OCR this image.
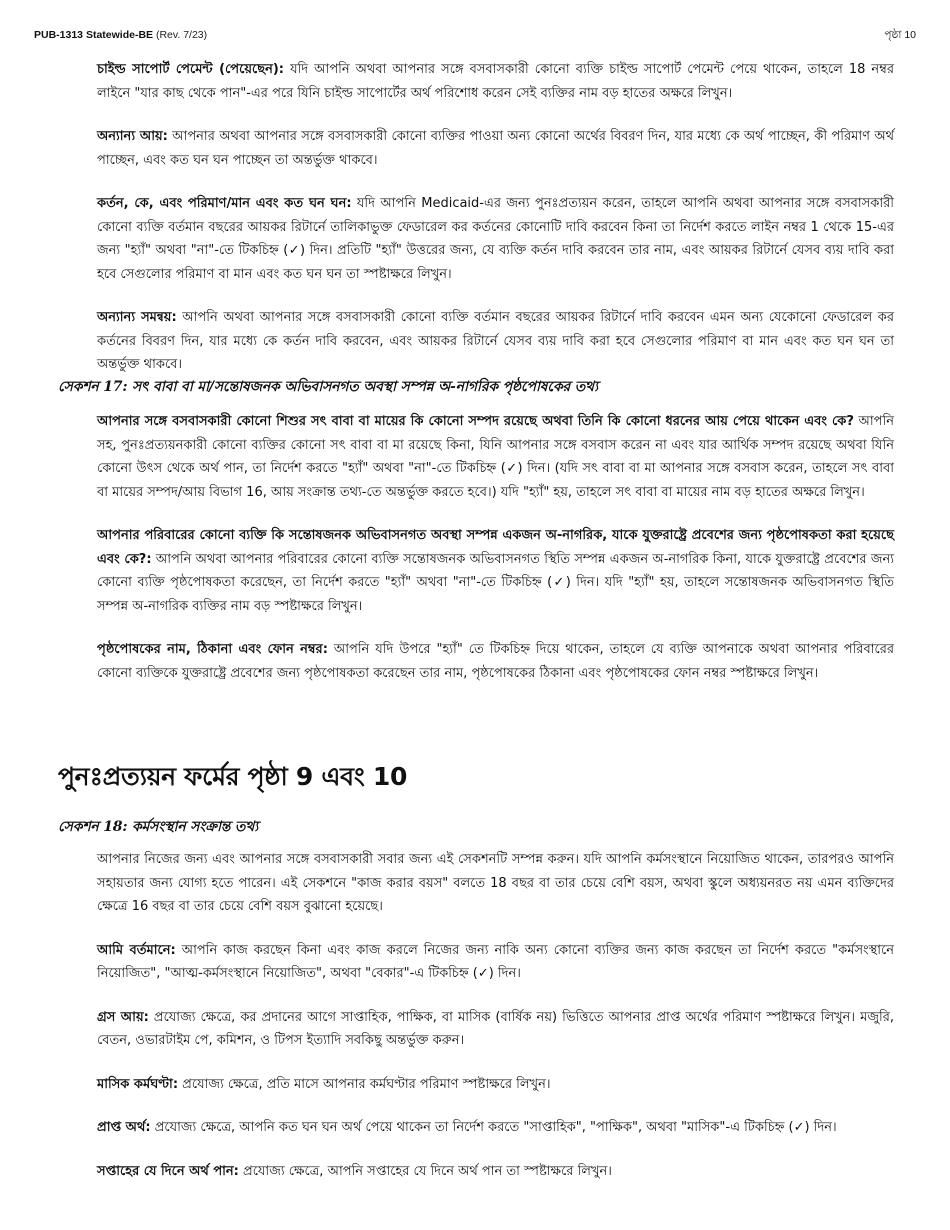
PUB-1313 Statewide-BE (Rev. 7/23)	পৃষ্ঠা 10

চাইল্ড সাপোর্ট পেমেন্ট (পেয়েছেন): যদি আপনি অথবা আপনার সঙ্গে বসবাসকারী কোনো ব্যক্তি চাইল্ড সাপোর্ট পেমেন্ট পেয়ে থাকেন, তাহলে 18 নম্বর লাইনে "যার কাছ থেকে পান"-এর পরে যিনি চাইল্ড সাপোর্টের অর্থ পরিশোধ করেন সেই ব্যক্তির নাম বড় হাতের অক্ষরে লিখুন।

অন্যান্য আয়: আপনার অথবা আপনার সঙ্গে বসবাসকারী কোনো ব্যক্তির পাওয়া অন্য কোনো অর্থের বিবরণ দিন, যার মধ্যে কে অর্থ পাচ্ছেন, কী পরিমাণ অর্থ পাচ্ছেন, এবং কত ঘন ঘন পাচ্ছেন তা অন্তর্ভুক্ত থাকবে।

কর্তন, কে, এবং পরিমাণ/মান এবং কত ঘন ঘন: যদি আপনি Medicaid-এর জন্য পুনঃপ্রত্যয়ন করেন, তাহলে আপনি অথবা আপনার সঙ্গে বসবাসকারী কোনো ব্যক্তি বর্তমান বছরের আয়কর রিটার্নে তালিকাভুক্ত ফেডারেল কর কর্তনের কোনোটি দাবি করবেন কিনা তা নির্দেশ করতে লাইন নম্বর 1 থেকে 15-এর জন্য "হ্যাঁ" অথবা "না"-তে টিকচিহ্ন (✓) দিন। প্রতিটি "হ্যাঁ" উত্তরের জন্য, যে ব্যক্তি কর্তন দাবি করবেন তার নাম, এবং আয়কর রিটার্নে যেসব ব্যয় দাবি করা হবে সেগুলোর পরিমাণ বা মান এবং কত ঘন ঘন তা স্পষ্টাক্ষরে লিখুন।

অন্যান্য সমন্বয়: আপনি অথবা আপনার সঙ্গে বসবাসকারী কোনো ব্যক্তি বর্তমান বছরের আয়কর রিটার্নে দাবি করবেন এমন অন্য যেকোনো ফেডারেল কর কর্তনের বিবরণ দিন, যার মধ্যে কে কর্তন দাবি করবেন, এবং আয়কর রিটার্নে যেসব ব্যয় দাবি করা হবে সেগুলোর পরিমাণ বা মান এবং কত ঘন ঘন তা অন্তর্ভুক্ত থাকবে।

সেকশন 17: সৎ বাবা বা মা/সন্তোষজনক অভিবাসনগত অবস্থা সম্পন্ন অ-নাগরিক পৃষ্ঠপোষকের তথ্য

আপনার সঙ্গে বসবাসকারী কোনো শিশুর সৎ বাবা বা মায়ের কি কোনো সম্পদ রয়েছে অথবা তিনি কি কোনো ধরনের আয় পেয়ে থাকেন এবং কে? আপনি সহ, পুনঃপ্রত্যয়নকারী কোনো ব্যক্তির কোনো সৎ বাবা বা মা রয়েছে কিনা, যিনি আপনার সঙ্গে বসবাস করেন না এবং যার আর্থিক সম্পদ রয়েছে অথবা যিনি কোনো উৎস থেকে অর্থ পান, তা নির্দেশ করতে "হ্যাঁ" অথবা "না"-তে টিকচিহ্ন (✓) দিন। (যদি সৎ বাবা বা মা আপনার সঙ্গে বসবাস করেন, তাহলে সৎ বাবা বা মায়ের সম্পদ/আয় বিভাগ 16, আয় সংক্রান্ত তথ্য-তে অন্তর্ভুক্ত করতে হবে।) যদি "হ্যাঁ" হয়, তাহলে সৎ বাবা বা মায়ের নাম বড় হাতের অক্ষরে লিখুন।

আপনার পরিবারের কোনো ব্যক্তি কি সন্তোষজনক অভিবাসনগত অবস্থা সম্পন্ন একজন অ-নাগরিক, যাকে যুক্তরাষ্ট্রে প্রবেশের জন্য পৃষ্ঠপোষকতা করা হয়েছে এবং কে?: আপনি অথবা আপনার পরিবারের কোনো ব্যক্তি সন্তোষজনক অভিবাসনগত স্থিতি সম্পন্ন একজন অ-নাগরিক কিনা, যাকে যুক্তরাষ্ট্রে প্রবেশের জন্য কোনো ব্যক্তি পৃষ্ঠপোষকতা করেছেন, তা নির্দেশ করতে "হ্যাঁ" অথবা "না"-তে টিকচিহ্ন (✓) দিন। যদি "হ্যাঁ" হয়, তাহলে সন্তোষজনক অভিবাসনগত স্থিতি সম্পন্ন অ-নাগরিক ব্যক্তির নাম বড় স্পষ্টাক্ষরে লিখুন।

পৃষ্ঠপোষকের নাম, ঠিকানা এবং ফোন নম্বর: আপনি যদি উপরে "হ্যাঁ" তে টিকচিহ্ন দিয়ে থাকেন, তাহলে যে ব্যক্তি আপনাকে অথবা আপনার পরিবারের কোনো ব্যক্তিকে যুক্তরাষ্ট্রে প্রবেশের জন্য পৃষ্ঠপোষকতা করেছেন তার নাম, পৃষ্ঠপোষকের ঠিকানা এবং পৃষ্ঠপোষকের ফোন নম্বর স্পষ্টাক্ষরে লিখুন।

পুনঃপ্রত্যয়ন ফর্মের পৃষ্ঠা 9 এবং 10
সেকশন 18: কর্মসংস্থান সংক্রান্ত তথ্য

আপনার নিজের জন্য এবং আপনার সঙ্গে বসবাসকারী সবার জন্য এই সেকশনটি সম্পন্ন করুন। যদি আপনি কর্মসংস্থানে নিয়োজিত থাকেন, তারপরও আপনি সহায়তার জন্য যোগ্য হতে পারেন। এই সেকশনে "কাজ করার বয়স" বলতে 18 বছর বা তার চেয়ে বেশি বয়স, অথবা স্কুলে অধ্যয়নরত নয় এমন ব্যক্তিদের ক্ষেত্রে 16 বছর বা তার চেয়ে বেশি বয়স বুঝানো হয়েছে।

আমি বর্তমানে: আপনি কাজ করছেন কিনা এবং কাজ করলে নিজের জন্য নাকি অন্য কোনো ব্যক্তির জন্য কাজ করছেন তা নির্দেশ করতে "কর্মসংস্থানে নিয়োজিত", "আত্ম-কর্মসংস্থানে নিয়োজিত", অথবা "বেকার"-এ টিকচিহ্ন (✓) দিন।

গ্রস আয়: প্রযোজ্য ক্ষেত্রে, কর প্রদানের আগে সাপ্তাহিক, পাক্ষিক, বা মাসিক (বার্ষিক নয়) ভিত্তিতে আপনার প্রাপ্ত অর্থের পরিমাণ স্পষ্টাক্ষরে লিখুন। মজুরি, বেতন, ওভারটাইম পে, কমিশন, ও টিপস ইত্যাদি সবকিছু অন্তর্ভুক্ত করুন।

মাসিক কর্মঘণ্টা: প্রযোজ্য ক্ষেত্রে, প্রতি মাসে আপনার কর্মঘণ্টার পরিমাণ স্পষ্টাক্ষরে লিখুন।

প্রাপ্ত অর্থ: প্রযোজ্য ক্ষেত্রে, আপনি কত ঘন ঘন অর্থ পেয়ে থাকেন তা নির্দেশ করতে "সাপ্তাহিক", "পাক্ষিক", অথবা "মাসিক"-এ টিকচিহ্ন (✓) দিন।

সপ্তাহের যে দিনে অর্থ পান: প্রযোজ্য ক্ষেত্রে, আপনি সপ্তাহের যে দিনে অর্থ পান তা স্পষ্টাক্ষরে লিখুন।
